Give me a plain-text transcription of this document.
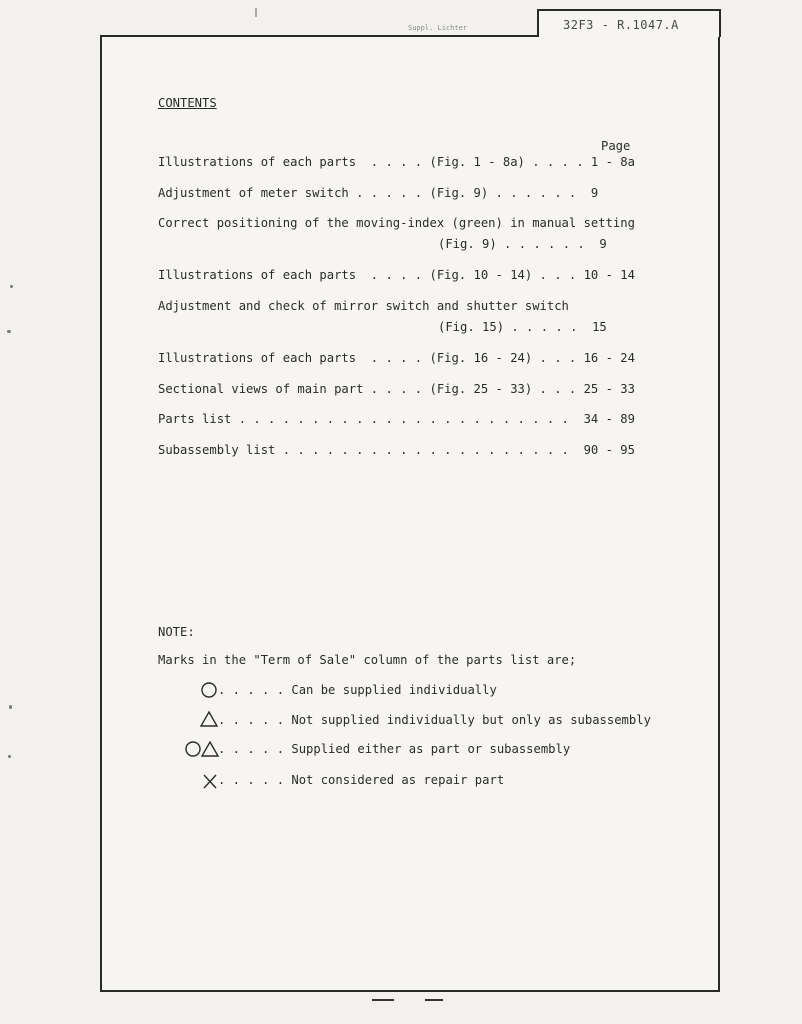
32F3 - R.1047.A
Suppl. Lichter
CONTENTS
Page
Illustrations of each parts  . . . . (Fig. 1 - 8a) . . . . 1 - 8a
Adjustment of meter switch . . . . . (Fig. 9) . . . . . .  9
Correct positioning of the moving-index (green) in manual setting
(Fig. 9) . . . . . .  9
Illustrations of each parts  . . . . (Fig. 10 - 14) . . . 10 - 14
Adjustment and check of mirror switch and shutter switch
(Fig. 15) . . . . .  15
Illustrations of each parts  . . . . (Fig. 16 - 24) . . . 16 - 24
Sectional views of main part . . . . (Fig. 25 - 33) . . . 25 - 33
Parts list . . . . . . . . . . . . . . . . . . . . . . .  34 - 89
Subassembly list . . . . . . . . . . . . . . . . . . . .  90 - 95
NOTE:
Marks in the "Term of Sale" column of the parts list are;
. . . . . Can be supplied individually
. . . . . Not supplied individually but only as subassembly
. . . . . Supplied either as part or subassembly
. . . . . Not considered as repair part
